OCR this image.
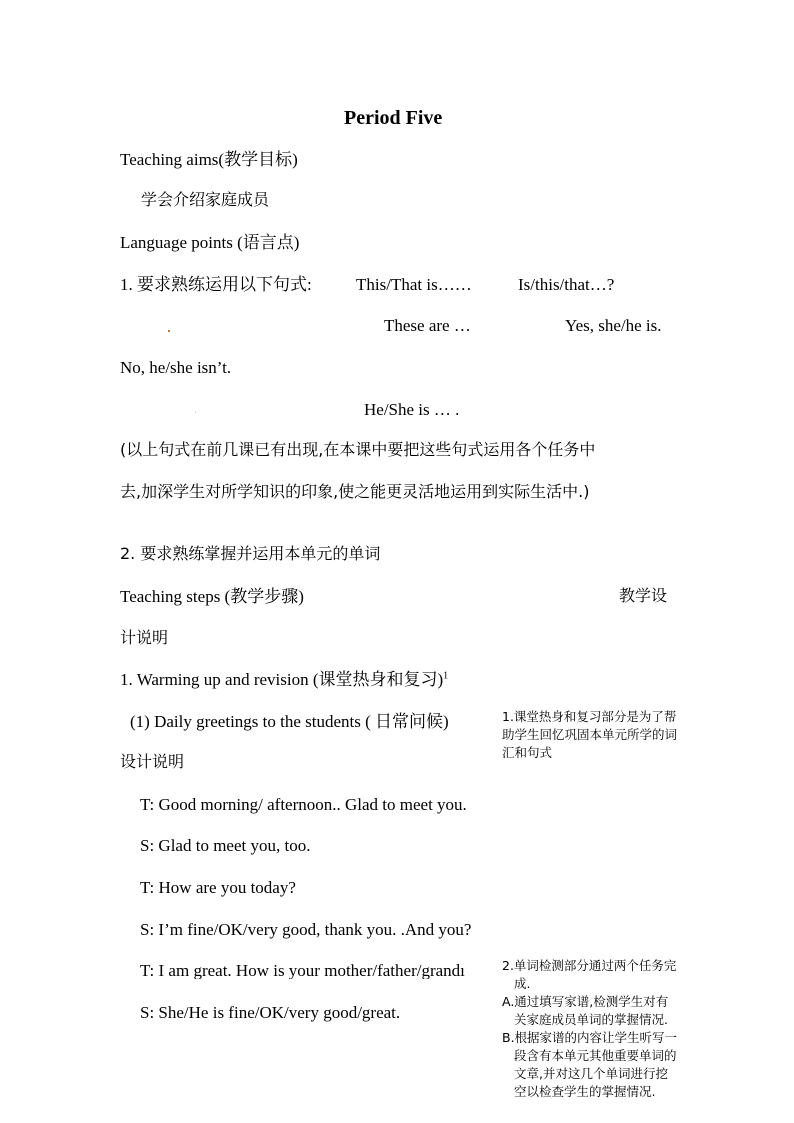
Period Five
Teaching aims(教学目标)
学会介绍家庭成员
Language points (语言点)
1. 要求熟练运用以下句式:	This/That is……	Is/this/that…?
These are …	Yes, she/he is.
No, he/she isn’t.
He/She is … .
(以上句式在前几课已有出现,在本课中要把这些句式运用各个任务中
去,加深学生对所学知识的印象,使之能更灵活地运用到实际生活中.)
2. 要求熟练掌握并运用本单元的单词
Teaching steps (教学步骤)	教学设
计说明
1. Warming up and revision (课堂热身和复习)$^1$
(1) Daily greetings to the students ( 日常问候)
设计说明
T: Good morning/ afternoon.. Glad to meet you.
S: Glad to meet you, too.
T: How are you today?
S: I’m fine/OK/very good, thank you. .And you?
T: I am great. How is your mother/father/grandı
S: She/He is fine/OK/very good/great.

1.课堂热身和复习部分是为了帮

助学生回忆巩固本单元所学的词

汇和句式

2.单词检测部分通过两个任务完

成.

A.通过填写家谱,检测学生对有

关家庭成员单词的掌握情况.

B.根据家谱的内容让学生听写一

段含有本单元其他重要单词的

文章,并对这几个单词进行挖

空以检查学生的掌握情况.
